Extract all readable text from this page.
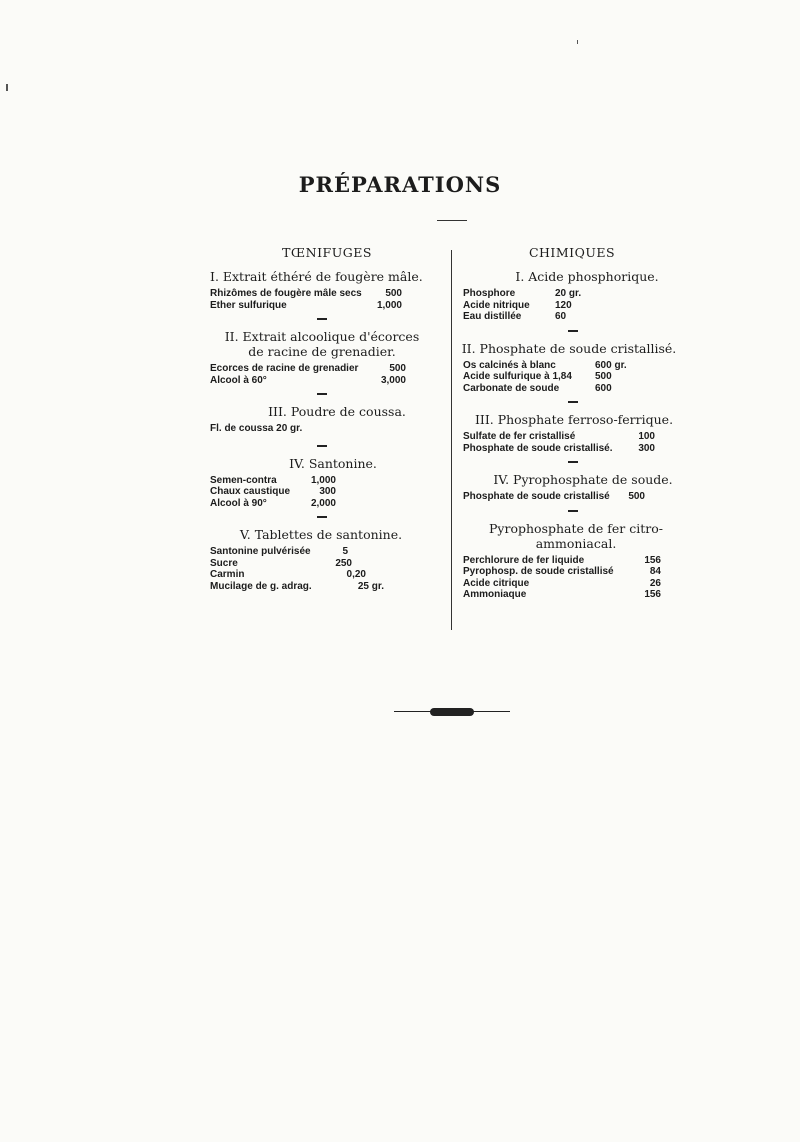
PRÉPARATIONS
TŒNIFUGES
I. Extrait éthéré de fougère mâle.
Rhizômes de fougère mâle secs	500
Ether sulfurique	1,000
II. Extrait alcoolique d'écorces de racine de grenadier.
Ecorces de racine de grenadier	500
Alcool à 60°	3,000
III. Poudre de coussa.
Fl. de coussa 20 gr.
IV. Santonine.
Semen-contra	1,000
Chaux caustique	300
Alcool à 90°	2,000
V. Tablettes de santonine.
Santonine pulvérisée	5
Sucre	250
Carmin	0,20
Mucilage de g. adrag.	25 gr.
CHIMIQUES
I. Acide phosphorique.
Phosphore	20 gr.
Acide nitrique	120
Eau distillée	60
II. Phosphate de soude cristallisé.
Os calcinés à blanc	600 gr.
Acide sulfurique à 1,84	500
Carbonate de soude	600
III. Phosphate ferroso-ferrique.
Sulfate de fer cristallisé	100
Phosphate de soude cristallisé.	300
IV. Pyrophosphate de soude.
Phosphate de soude cristallisé	500
Pyrophosphate de fer citro-ammoniacal.
Perchlorure de fer liquide	156
Pyrophosp. de soude cristallisé	84
Acide citrique	26
Ammoniaque	156
